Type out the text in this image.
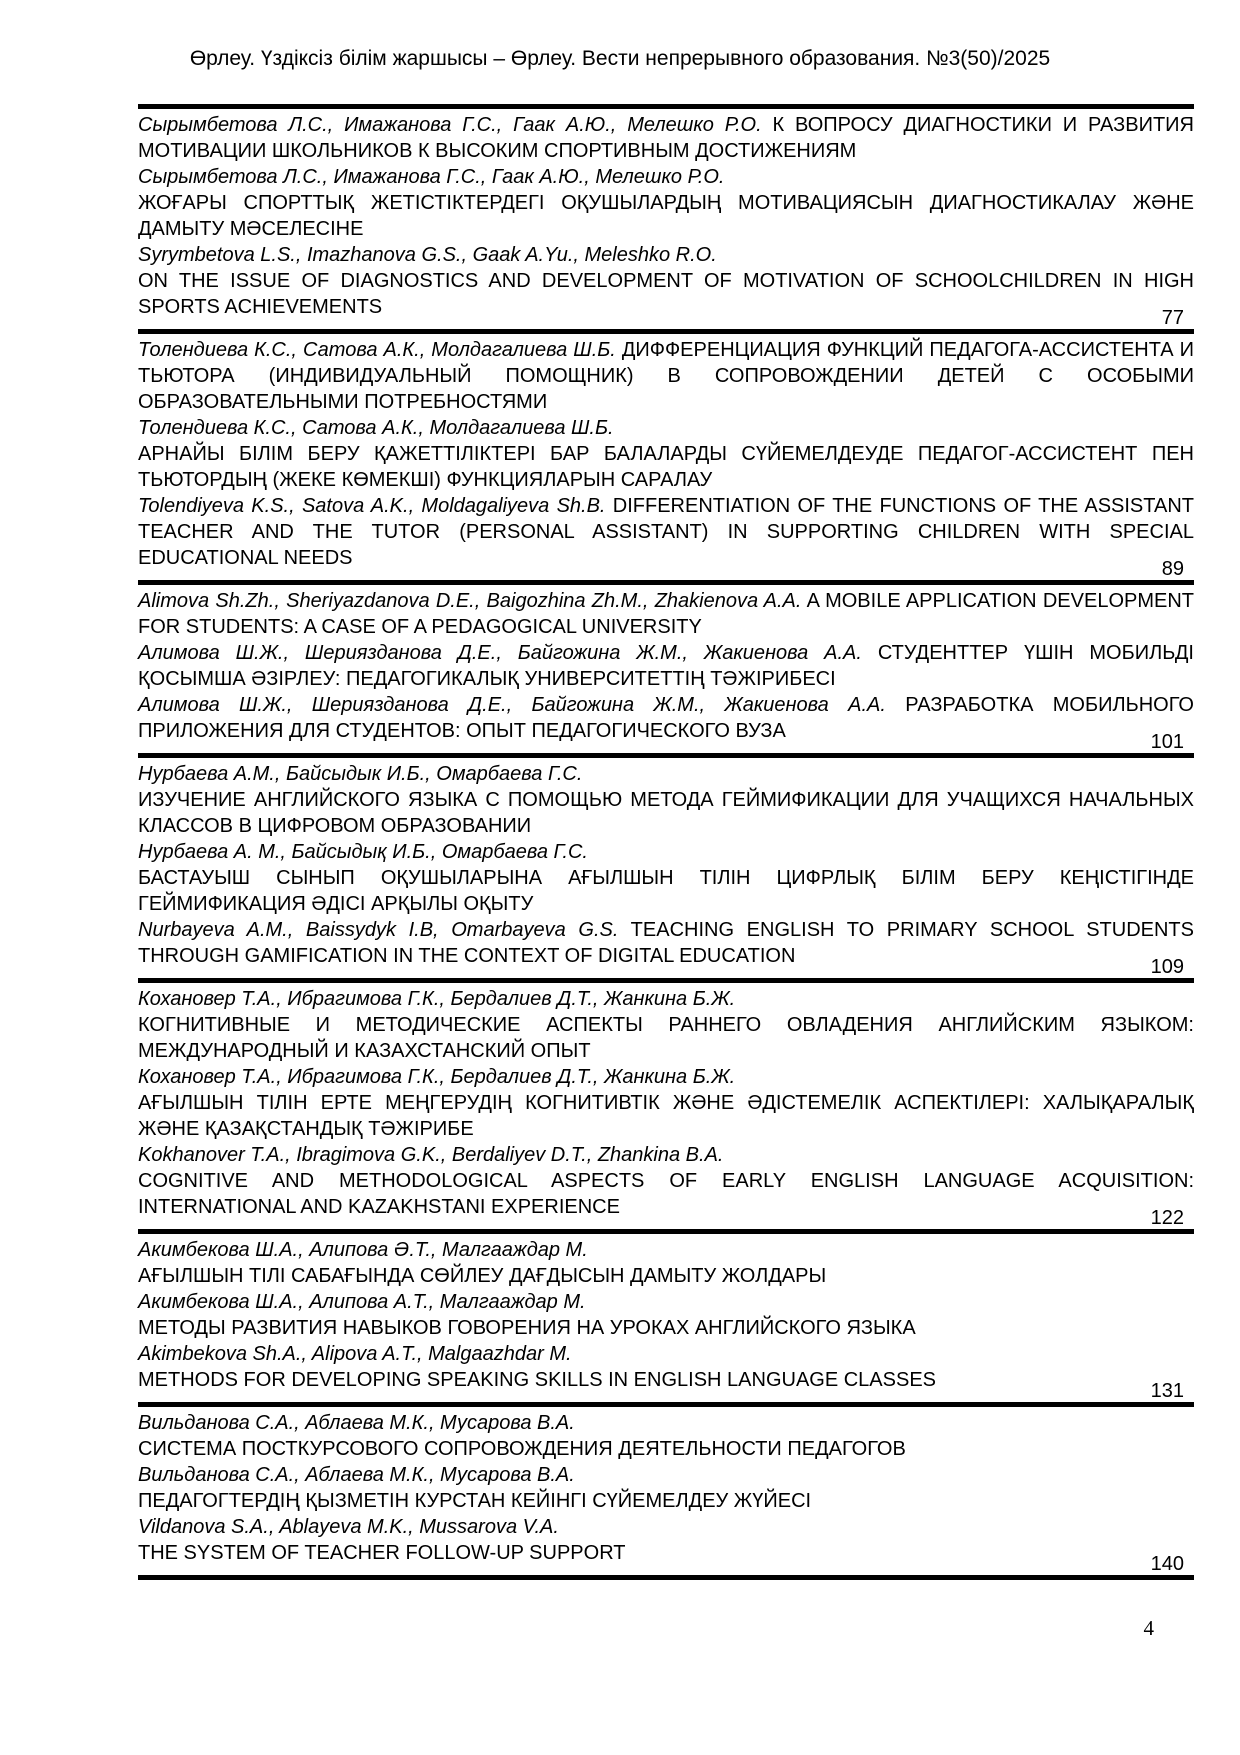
Өрлеу. Үздіксіз білім жаршысы – Өрлеу. Вести непрерывного образования. №3(50)/2025
Сырымбетова Л.С., Имажанова Г.С., Гаак А.Ю., Мелешко Р.О. К ВОПРОСУ ДИАГНОСТИКИ И РАЗВИТИЯ МОТИВАЦИИ ШКОЛЬНИКОВ К ВЫСОКИМ СПОРТИВНЫМ ДОСТИЖЕНИЯМ
Сырымбетова Л.С., Имажанова Г.С., Гаак А.Ю., Мелешко Р.О.
ЖОҒАРЫ СПОРТТЫҚ ЖЕТІСТІКТЕРДЕГІ ОҚУШЫЛАРДЫҢ МОТИВАЦИЯСЫН ДИАГНОСТИКАЛАУ ЖӘНЕ ДАМЫТУ МӘСЕЛЕСІНЕ
Syrymbetova L.S., Imazhanova G.S., Gaak A.Yu., Meleshko R.O.
ON THE ISSUE OF DIAGNOSTICS AND DEVELOPMENT OF MOTIVATION OF SCHOOLCHILDREN IN HIGH SPORTS ACHIEVEMENTS	77
Толендиева К.С., Сатова А.К., Молдагалиева Ш.Б. ДИФФЕРЕНЦИАЦИЯ ФУНКЦИЙ ПЕДАГОГА-АССИСТЕНТА И ТЬЮТОРА (ИНДИВИДУАЛЬНЫЙ ПОМОЩНИК) В СОПРОВОЖДЕНИИ ДЕТЕЙ С ОСОБЫМИ ОБРАЗОВАТЕЛЬНЫМИ ПОТРЕБНОСТЯМИ
Толендиева К.С., Сатова А.К., Молдагалиева Ш.Б.
АРНАЙЫ БІЛІМ БЕРУ ҚАЖЕТТІЛІКТЕРІ БАР БАЛАЛАРДЫ СҮЙЕМЕЛДЕУДЕ ПЕДАГОГ-АССИСТЕНТ ПЕН ТЬЮТОРДЫҢ (ЖЕКЕ КӨМЕКШІ) ФУНКЦИЯЛАРЫН САРАЛАУ
Tolendiyeva K.S., Satova A.K., Moldagaliyeva Sh.B. DIFFERENTIATION OF THE FUNCTIONS OF THE ASSISTANT TEACHER AND THE TUTOR (PERSONAL ASSISTANT) IN SUPPORTING CHILDREN WITH SPECIAL EDUCATIONAL NEEDS	89
Alimova Sh.Zh., Sheriyazdanova D.E., Baigozhina Zh.M., Zhakienova A.A. A MOBILE APPLICATION DEVELOPMENT FOR STUDENTS: A CASE OF A PEDAGOGICAL UNIVERSITY
Алимова Ш.Ж., Шериязданова Д.Е., Байгожина Ж.М., Жакиенова А.А. СТУДЕНТТЕР ҮШІН МОБИЛЬДІ ҚОСЫМША ӘЗІРЛЕУ: ПЕДАГОГИКАЛЫҚ УНИВЕРСИТЕТТІҢ ТӘЖІРИБЕСІ
Алимова Ш.Ж., Шериязданова Д.Е., Байгожина Ж.М., Жакиенова А.А. РАЗРАБОТКА МОБИЛЬНОГО ПРИЛОЖЕНИЯ ДЛЯ СТУДЕНТОВ: ОПЫТ ПЕДАГОГИЧЕСКОГО ВУЗА	101
Нурбаева А.М., Байсыдык И.Б., Омарбаева Г.С.
ИЗУЧЕНИЕ АНГЛИЙСКОГО ЯЗЫКА С ПОМОЩЬЮ МЕТОДА ГЕЙМИФИКАЦИИ ДЛЯ УЧАЩИХСЯ НАЧАЛЬНЫХ КЛАССОВ В ЦИФРОВОМ ОБРАЗОВАНИИ
Нурбаева А. М., Байсыдық И.Б., Омарбаева Г.С.
БАСТАУЫШ СЫНЫП ОҚУШЫЛАРЫНА АҒЫЛШЫН ТІЛІН ЦИФРЛЫҚ БІЛІМ БЕРУ КЕҢІСТІГІНДЕ ГЕЙМИФИКАЦИЯ ӘДІСІ АРҚЫЛЫ ОҚЫТУ
Nurbayeva A.M., Baissydyk I.B, Omarbayeva G.S. TEACHING ENGLISH TO PRIMARY SCHOOL STUDENTS THROUGH GAMIFICATION IN THE CONTEXT OF DIGITAL EDUCATION	109
Кохановер Т.А., Ибрагимова Г.К., Бердалиев Д.Т., Жанкина Б.Ж.
КОГНИТИВНЫЕ И МЕТОДИЧЕСКИЕ АСПЕКТЫ РАННЕГО ОВЛАДЕНИЯ АНГЛИЙСКИМ ЯЗЫКОМ: МЕЖДУНАРОДНЫЙ И КАЗАХСТАНСКИЙ ОПЫТ
Кохановер Т.А., Ибрагимова Г.К., Бердалиев Д.Т., Жанкина Б.Ж.
АҒЫЛШЫН ТІЛІН ЕРТЕ МЕҢГЕРУДІҢ КОГНИТИВТІК ЖӘНЕ ӘДІСТЕМЕЛІК АСПЕКТІЛЕРІ: ХАЛЫҚАРАЛЫҚ ЖӘНЕ ҚАЗАҚСТАНДЫҚ ТӘЖІРИБЕ
Kokhanover T.A., Ibragimova G.K., Berdaliyev D.T., Zhankina B.A.
COGNITIVE AND METHODOLOGICAL ASPECTS OF EARLY ENGLISH LANGUAGE ACQUISITION: INTERNATIONAL AND KAZAKHSTANI EXPERIENCE	122
Акимбекова Ш.А., Алипова Ә.Т., Малгааждар М.
АҒЫЛШЫН ТІЛІ САБАҒЫНДА СӨЙЛЕУ ДАҒДЫСЫН ДАМЫТУ ЖОЛДАРЫ
Акимбекова Ш.А., Алипова А.Т., Малгааждар М.
МЕТОДЫ РАЗВИТИЯ НАВЫКОВ ГОВОРЕНИЯ НА УРОКАХ АНГЛИЙСКОГО ЯЗЫКА
Akimbekova Sh.A., Alipova A.T., Malgaazhdar M.
METHODS FOR DEVELOPING SPEAKING SKILLS IN ENGLISH LANGUAGE CLASSES	131
Вильданова С.А., Аблаева М.К., Мусарова В.А.
СИСТЕМА ПОСТКУРСОВОГО СОПРОВОЖДЕНИЯ ДЕЯТЕЛЬНОСТИ ПЕДАГОГОВ
Вильданова С.А., Аблаева М.К., Мусарова В.А.
ПЕДАГОГТЕРДІҢ ҚЫЗМЕТІН КУРСТАН КЕЙІНГІ СҮЙЕМЕЛДЕУ ЖҮЙЕСІ
Vildanova S.A., Ablayeva M.K., Mussarova V.A.
THE SYSTEM OF TEACHER FOLLOW-UP SUPPORT	140
4
